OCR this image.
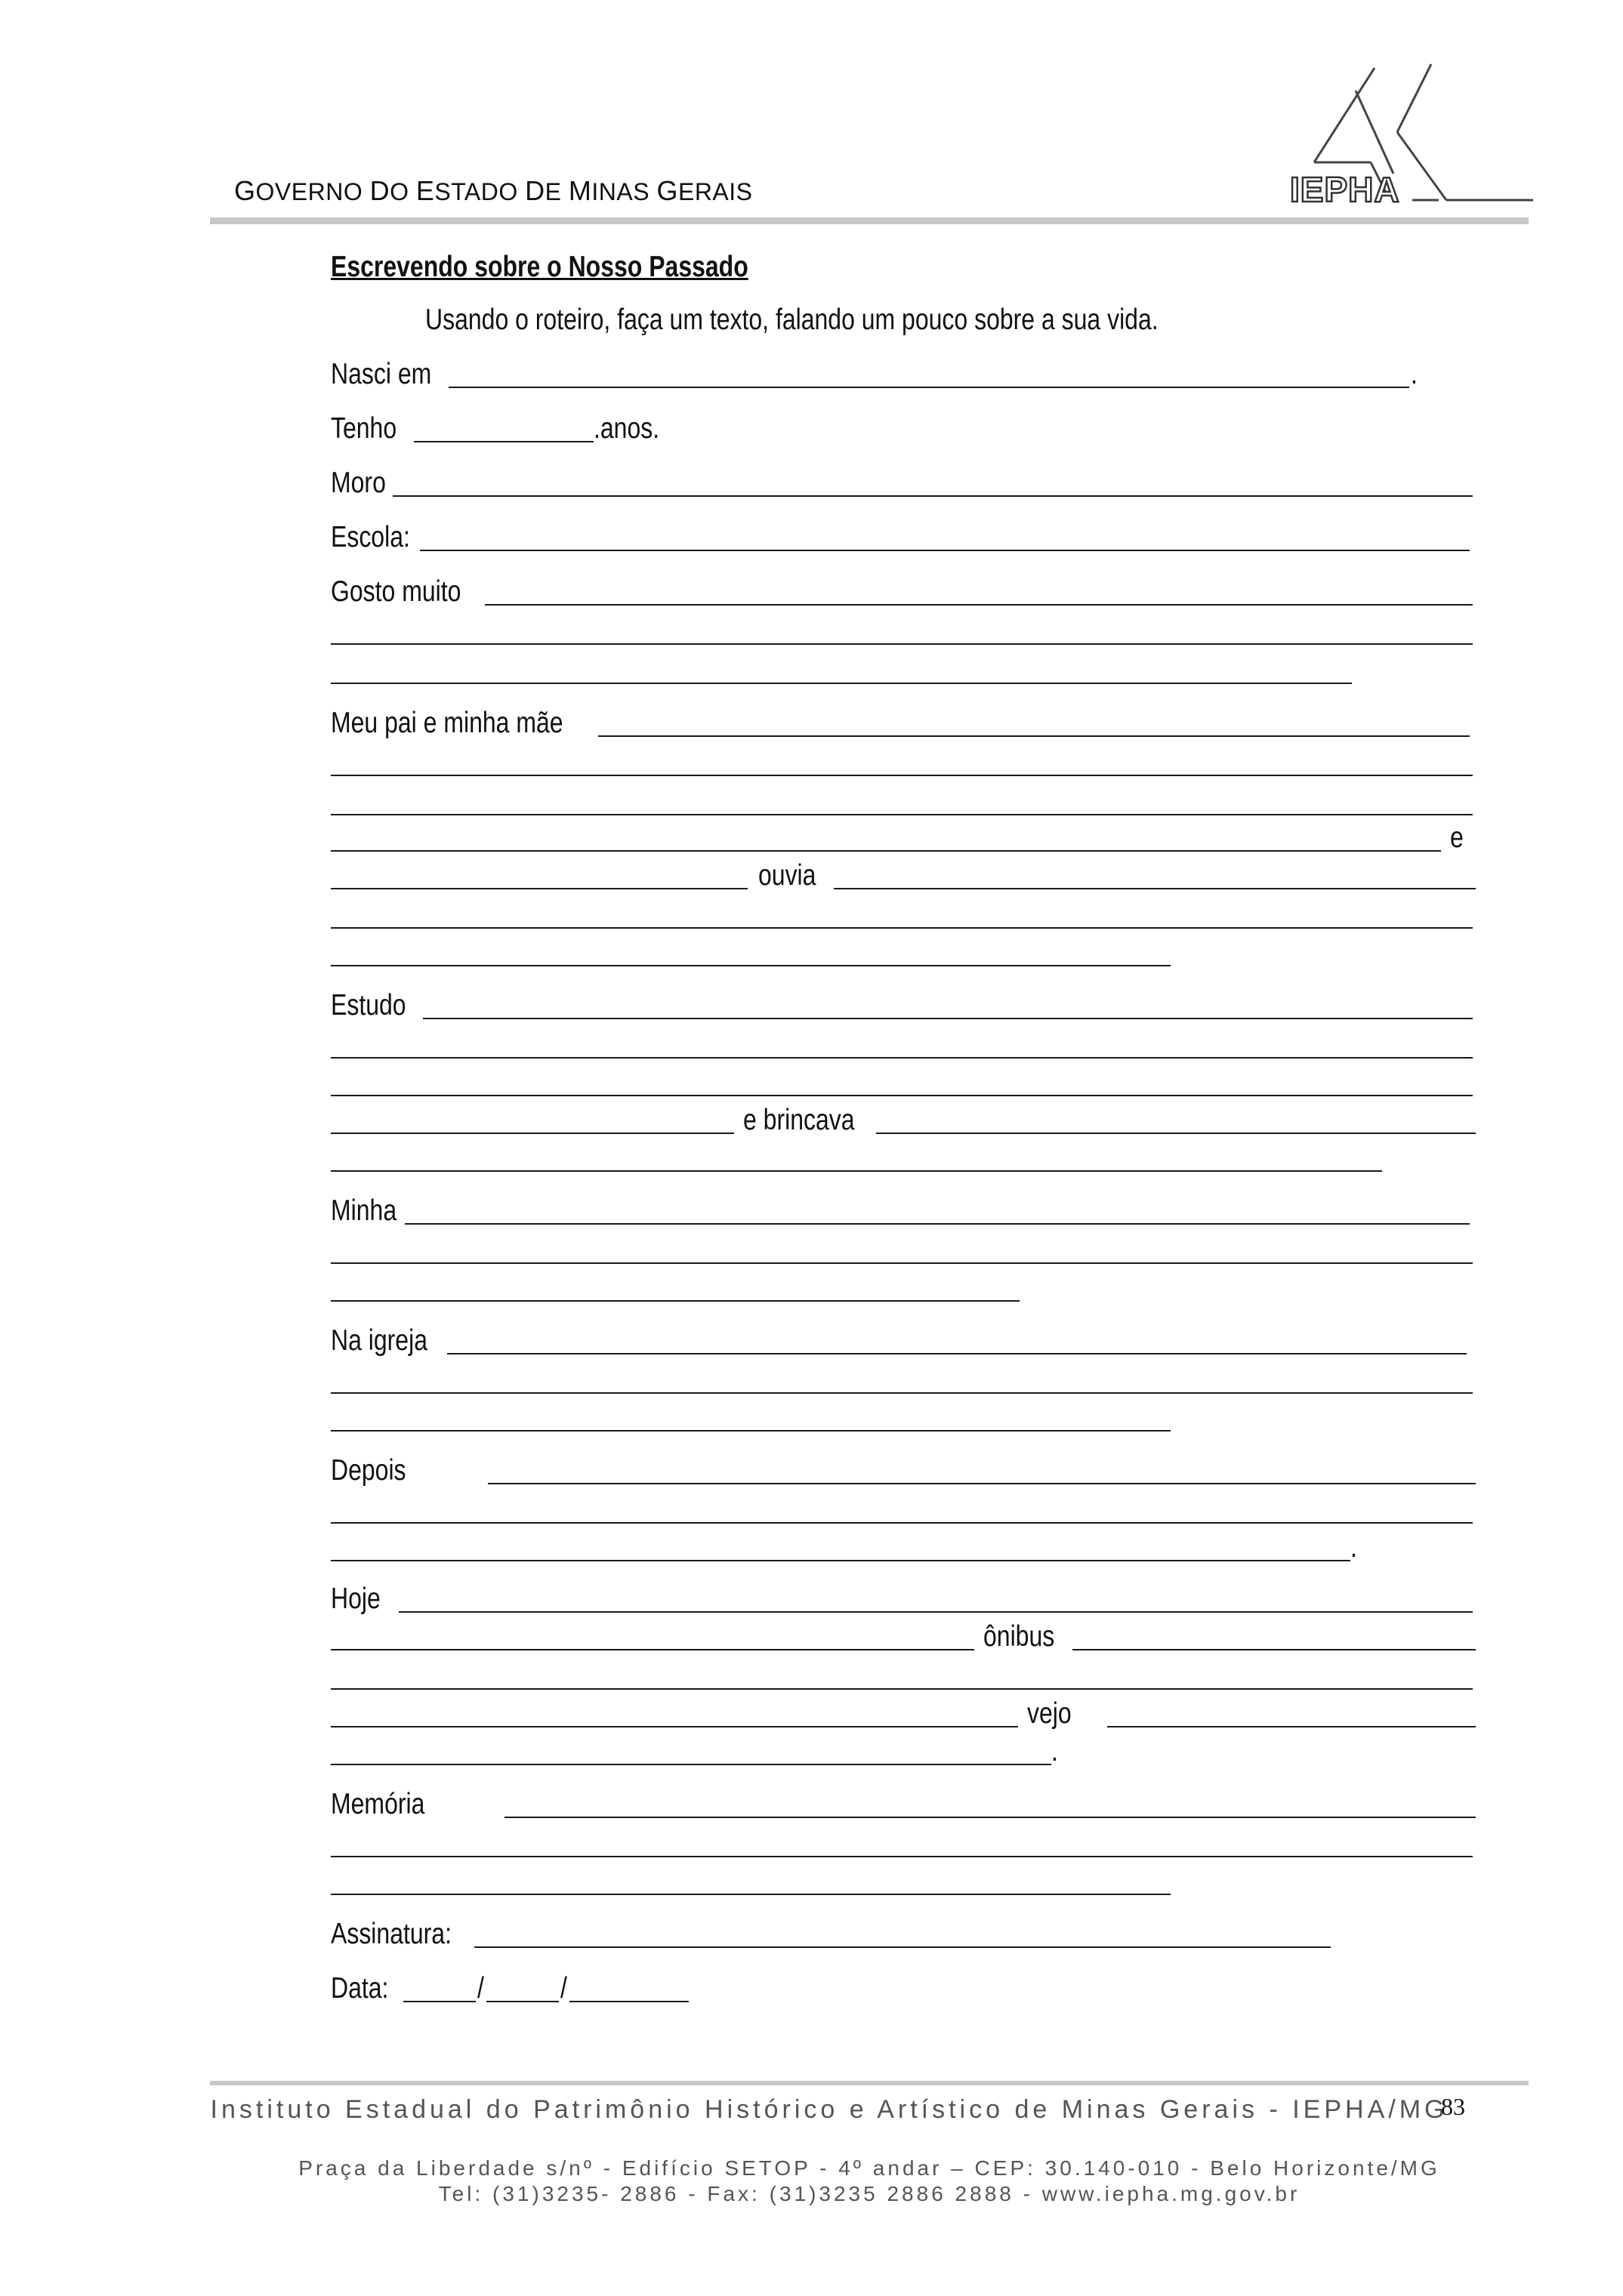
GOVERNO DO ESTADO DE MINAS GERAIS	IEPHA
Escrevendo sobre o Nosso Passado
Usando o roteiro, faça um texto, falando um pouco sobre a sua vida.
Nasci em	.
Tenho	.anos.
Moro
Escola:
Gosto muito
Meu pai e minha mãe
e
ouvia
Estudo
e brincava
Minha
Na igreja
Depois
.
Hoje
ônibus
vejo
.
Memória
Assinatura:
Data:	/	/
Instituto Estadual do Patrimônio Histórico e Artístico de Minas Gerais - IEPHA/MG
83
Praça da Liberdade s/nº - Edifício SETOP - 4º andar – CEP: 30.140-010 - Belo Horizonte/MG
Tel: (31)3235- 2886 - Fax: (31)3235 2886 2888 - www.iepha.mg.gov.br
